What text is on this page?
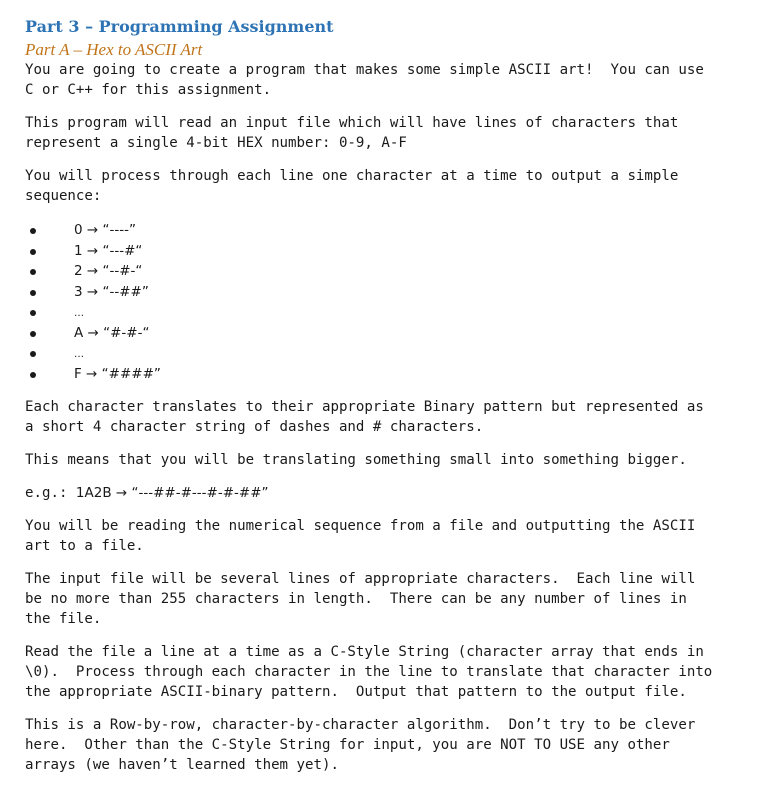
Part 3 – Programming Assignment
Part A – Hex to ASCII Art
You are going to create a program that makes some simple ASCII art!  You can use
C or C++ for this assignment.
This program will read an input file which will have lines of characters that
represent a single 4-bit HEX number: 0-9, A-F
You will process through each line one character at a time to output a simple
sequence:
0 → “----”
1 → “---#“
2 → “--#-“
3 → “--##”
…
A → “#-#-“
…
F → “####”
Each character translates to their appropriate Binary pattern but represented as
a short 4 character string of dashes and # characters.
This means that you will be translating something small into something bigger.
e.g.: 1A2B → “---##-#---#-#-##”
You will be reading the numerical sequence from a file and outputting the ASCII
art to a file.
The input file will be several lines of appropriate characters.  Each line will
be no more than 255 characters in length.  There can be any number of lines in
the file.
Read the file a line at a time as a C-Style String (character array that ends in
\0).  Process through each character in the line to translate that character into
the appropriate ASCII-binary pattern.  Output that pattern to the output file.
This is a Row-by-row, character-by-character algorithm.  Don’t try to be clever
here.  Other than the C-Style String for input, you are NOT TO USE any other
arrays (we haven’t learned them yet).
